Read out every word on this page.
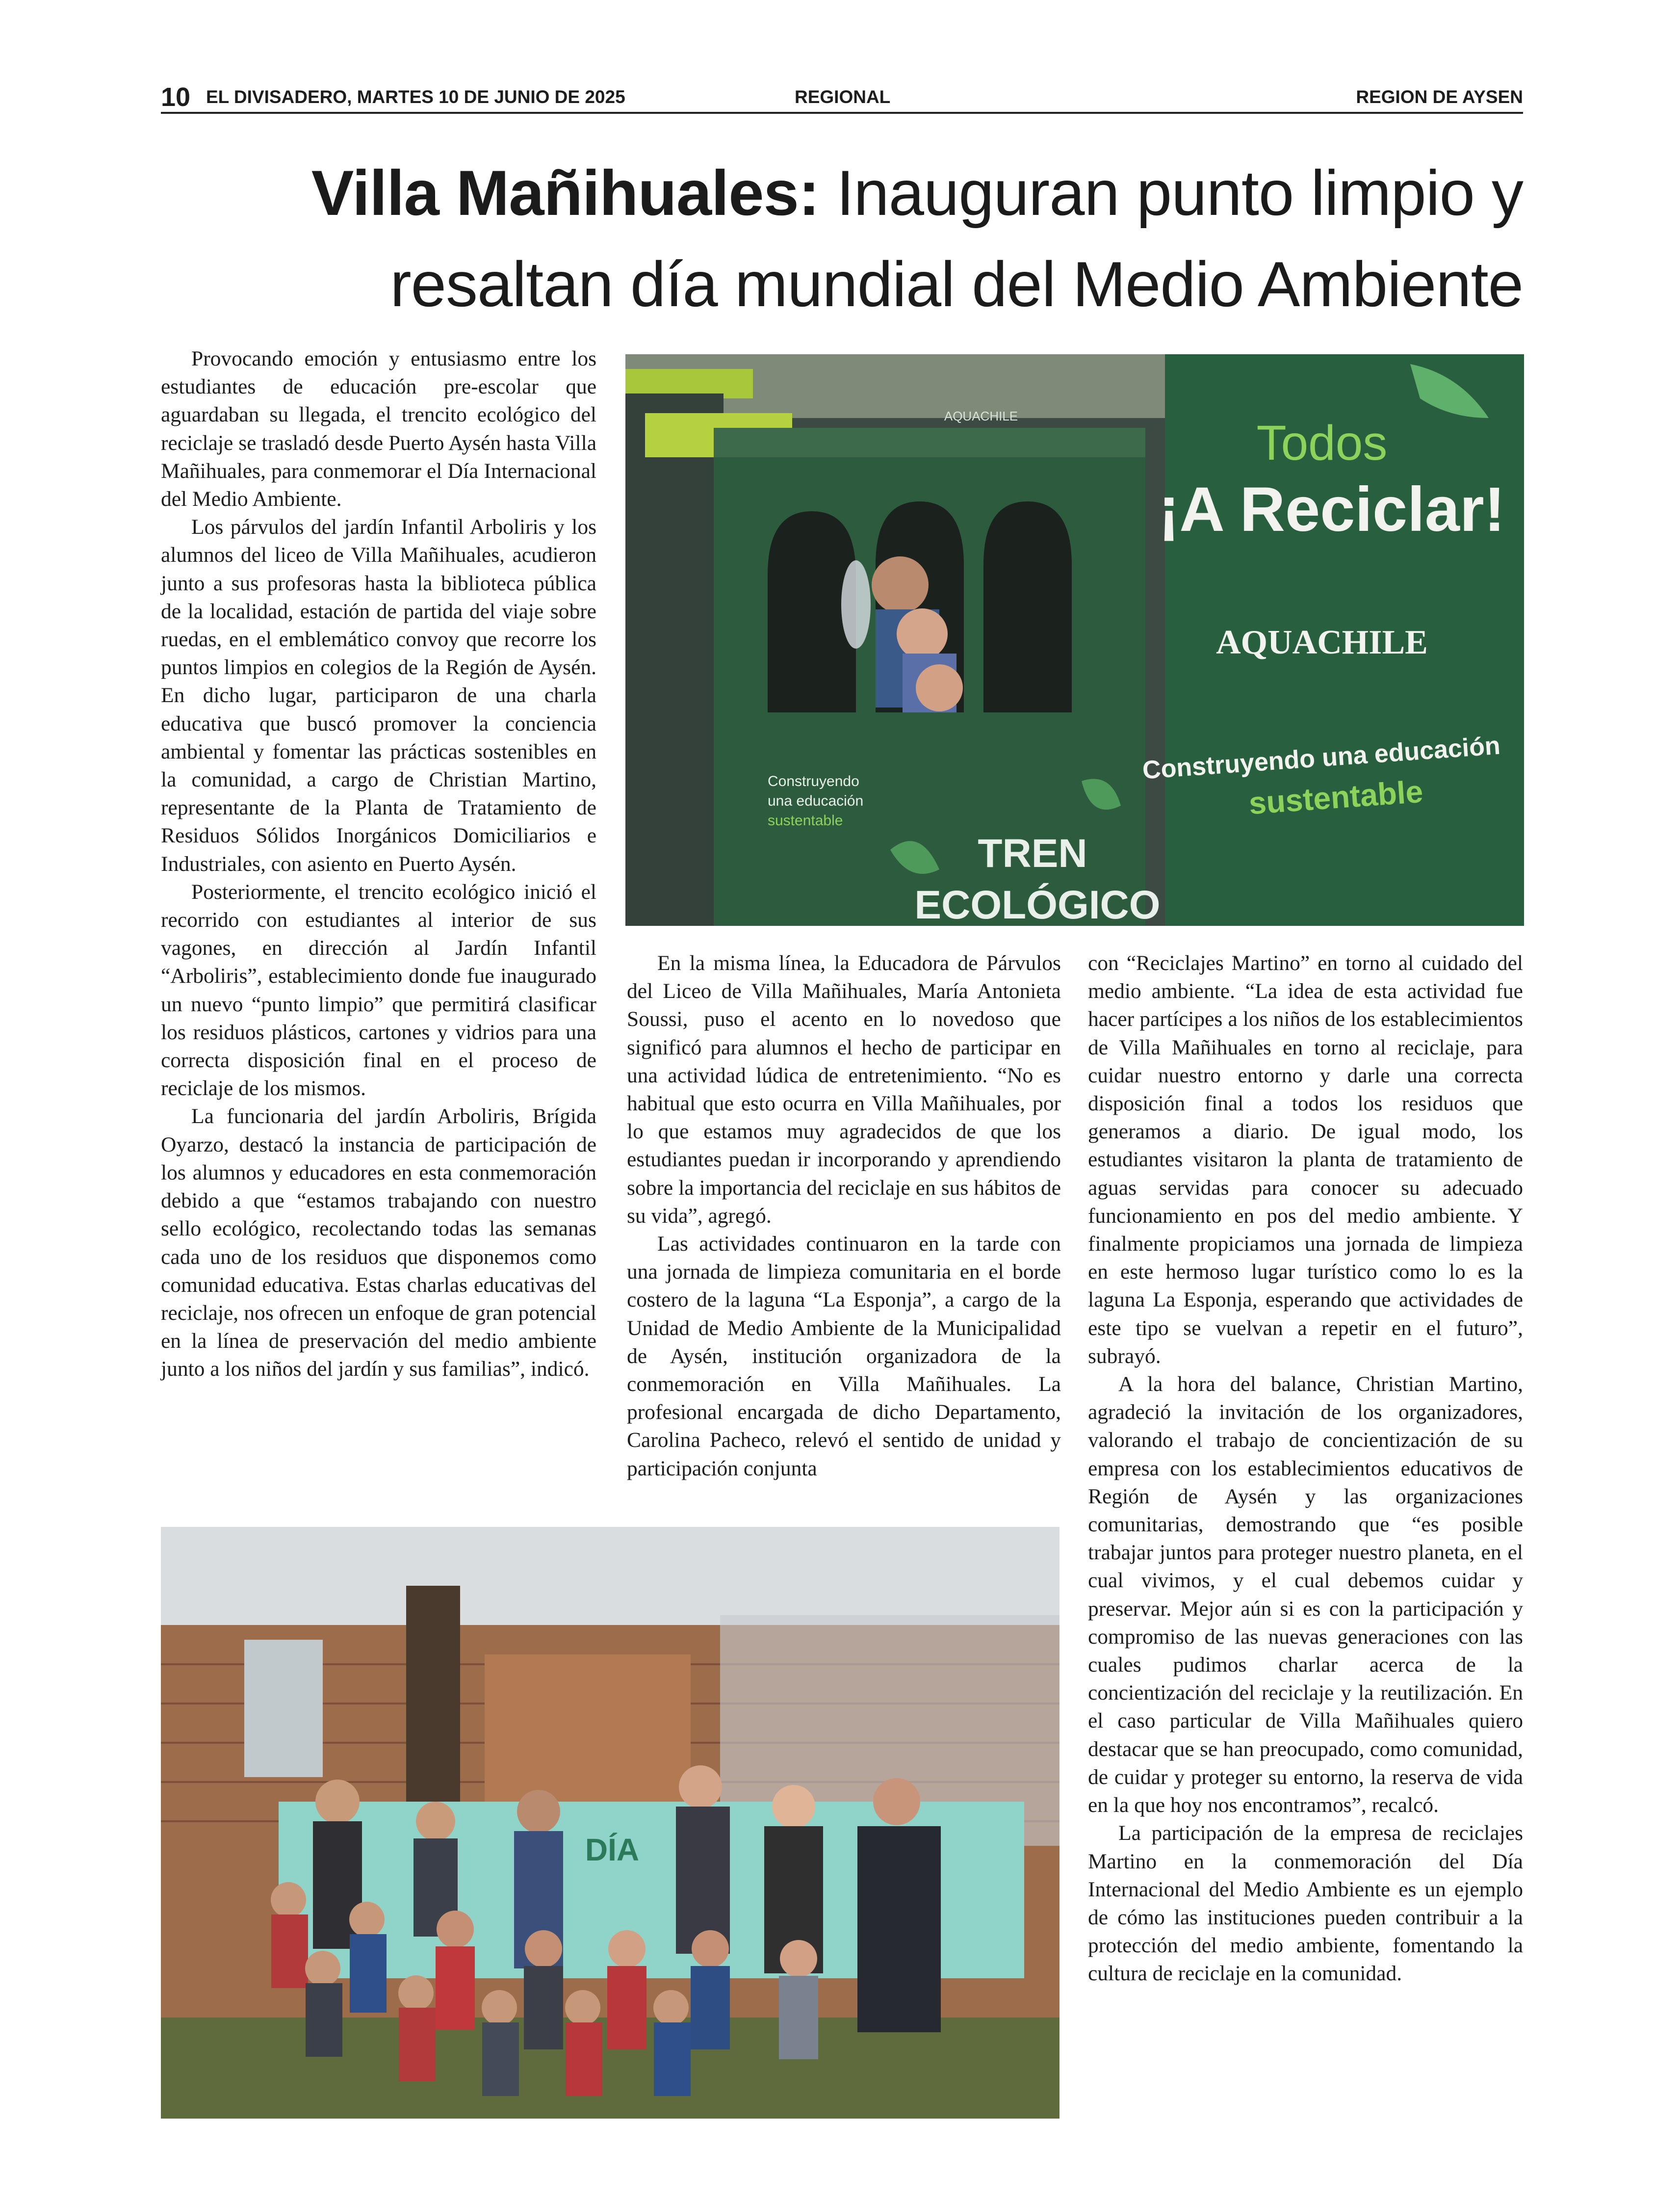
10 EL DIVISADERO, MARTES 10 DE JUNIO DE 2025	REGIONAL	REGION DE AYSEN
Villa Mañihuales: Inauguran punto limpio y resaltan día mundial del Medio Ambiente

Provocando emoción y entusiasmo entre los estudiantes de educación pre-escolar que aguardaban su llegada, el trencito ecológico del reciclaje se trasladó desde Puerto Aysén hasta Villa Mañihuales, para conmemorar el Día Internacional del Medio Ambiente.

Los párvulos del jardín Infantil Arboliris y los alumnos del liceo de Villa Mañihuales, acudieron junto a sus profesoras hasta la biblioteca pública de la localidad, estación de partida del viaje sobre ruedas, en el emblemático convoy que recorre los puntos limpios en colegios de la Región de Aysén. En dicho lugar, participaron de una charla educativa que buscó promover la conciencia ambiental y fomentar las prácticas sostenibles en la comunidad, a cargo de Christian Martino, representante de la Planta de Tratamiento de Residuos Sólidos Inorgánicos Domiciliarios e Industriales, con asiento en Puerto Aysén.

Posteriormente, el trencito ecológico inició el recorrido con estudiantes al interior de sus vagones, en dirección al Jardín Infantil “Arboliris”, establecimiento donde fue inaugurado un nuevo “punto limpio” que permitirá clasificar los residuos plásticos, cartones y vidrios para una correcta disposición final en el proceso de reciclaje de los mismos.

La funcionaria del jardín Arboliris, Brígida Oyarzo, destacó la instancia de participación de los alumnos y educadores en esta conmemoración debido a que “estamos trabajando con nuestro sello ecológico, recolectando todas las semanas cada uno de los residuos que disponemos como comunidad educativa. Estas charlas educativas del reciclaje, nos ofrecen un enfoque de gran potencial en la línea de preservación del medio ambiente junto a los niños del jardín y sus familias”, indicó.

Todos
¡A Reciclar!
AQUACHILE
Construyendo una educación
sustentable
AQUACHILE
Construyendo
una educación
sustentable
TREN
ECOLÓGICO

En la misma línea, la Educadora de Párvulos del Liceo de Villa Mañihuales, María Antonieta Soussi, puso el acento en lo novedoso que significó para alumnos el hecho de participar en una actividad lúdica de entretenimiento. “No es habitual que esto ocurra en Villa Mañihuales, por lo que estamos muy agradecidos de que los estudiantes puedan ir incorporando y aprendiendo sobre la importancia del reciclaje en sus hábitos de su vida”, agregó.

Las actividades continuaron en la tarde con una jornada de limpieza comunitaria en el borde costero de la laguna “La Esponja”, a cargo de la Unidad de Medio Ambiente de la Municipalidad de Aysén, institución organizadora de la conmemoración en Villa Mañihuales. La profesional encargada de dicho Departamento, Carolina Pacheco, relevó el sentido de unidad y participación conjunta

con “Reciclajes Martino” en torno al cuidado del medio ambiente. “La idea de esta actividad fue hacer partícipes a los niños de los establecimientos de Villa Mañihuales en torno al reciclaje, para cuidar nuestro entorno y darle una correcta disposición final a todos los residuos que generamos a diario. De igual modo, los estudiantes visitaron la planta de tratamiento de aguas servidas para conocer su adecuado funcionamiento en pos del medio ambiente. Y finalmente propiciamos una jornada de limpieza en este hermoso lugar turístico como lo es la laguna La Esponja, esperando que actividades de este tipo se vuelvan a repetir en el futuro”, subrayó.

A la hora del balance, Christian Martino, agradeció la invitación de los organizadores, valorando el trabajo de concientización de su empresa con los establecimientos educativos de Región de Aysén y las organizaciones comunitarias, demostrando que “es posible trabajar juntos para proteger nuestro planeta, en el cual vivimos, y el cual debemos cuidar y preservar. Mejor aún si es con la participación y compromiso de las nuevas generaciones con las cuales pudimos charlar acerca de la concientización del reciclaje y la reutilización. En el caso particular de Villa Mañihuales quiero destacar que se han preocupado, como comunidad, de cuidar y proteger su entorno, la reserva de vida en la que hoy nos encontramos”, recalcó.

La participación de la empresa de reciclajes Martino en la conmemoración del Día Internacional del Medio Ambiente es un ejemplo de cómo las instituciones pueden contribuir a la protección del medio ambiente, fomentando la cultura de reciclaje en la comunidad.

DÍA
